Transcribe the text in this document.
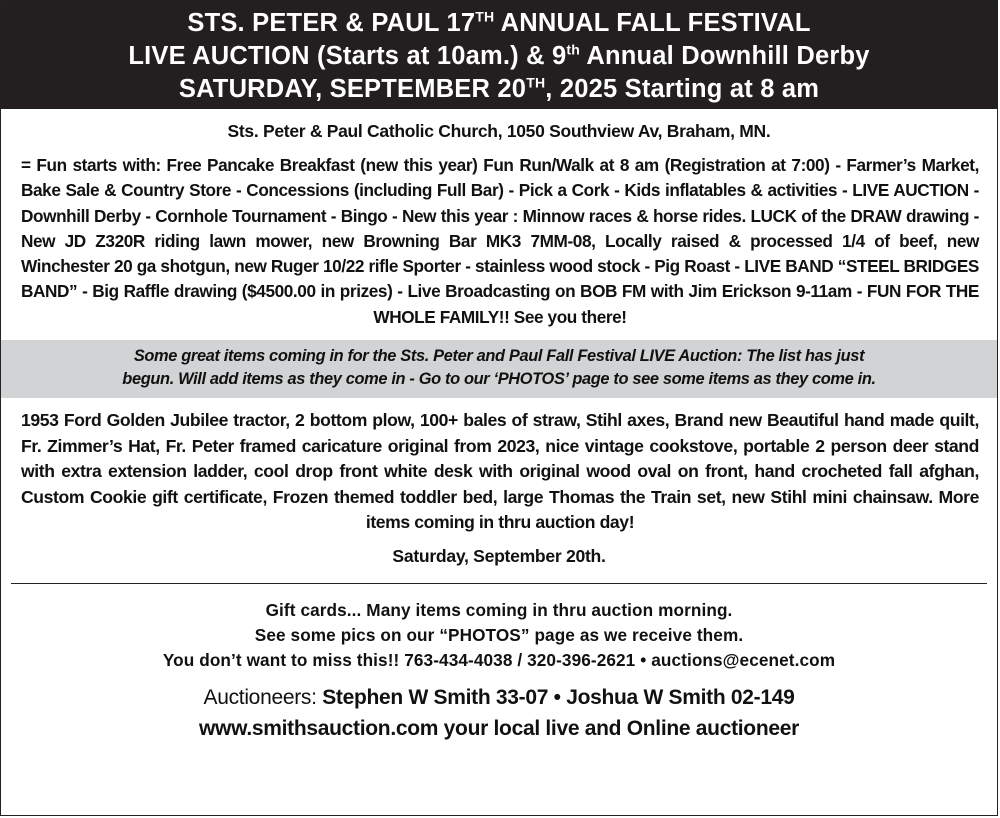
STS. PETER & PAUL 17TH ANNUAL FALL FESTIVAL
LIVE AUCTION (Starts at 10am.) & 9th Annual Downhill Derby
SATURDAY, SEPTEMBER 20TH, 2025 Starting at 8 am
Sts. Peter & Paul Catholic Church, 1050 Southview Av, Braham, MN.
= Fun starts with: Free Pancake Breakfast (new this year) Fun Run/Walk at 8 am (Registration at 7:00) - Farmer’s Market, Bake Sale & Country Store - Concessions (including Full Bar) - Pick a Cork - Kids inflatables & activities - LIVE AUCTION - Downhill Derby - Cornhole Tournament - Bingo - New this year : Minnow races & horse rides. LUCK of the DRAW drawing - New JD Z320R riding lawn mower, new Browning Bar MK3 7MM-08, Locally raised & processed 1/4 of beef, new Winchester 20 ga shotgun, new Ruger 10/22 rifle Sporter - stainless wood stock - Pig Roast - LIVE BAND “STEEL BRIDGES BAND” - Big Raffle drawing ($4500.00 in prizes) - Live Broadcasting on BOB FM with Jim Erickson 9-11am - FUN FOR THE WHOLE FAMILY!! See you there!
Some great items coming in for the Sts. Peter and Paul Fall Festival LIVE Auction: The list has just
begun. Will add items as they come in - Go to our ‘PHOTOS’ page to see some items as they come in.
1953 Ford Golden Jubilee tractor, 2 bottom plow, 100+ bales of straw, Stihl axes, Brand new Beautiful hand made quilt, Fr. Zimmer’s Hat, Fr. Peter framed caricature original from 2023, nice vintage cookstove, portable 2 person deer stand with extra extension ladder, cool drop front white desk with original wood oval on front, hand crocheted fall afghan, Custom Cookie gift certificate, Frozen themed toddler bed, large Thomas the Train set, new Stihl mini chainsaw. More items coming in thru auction day!
Saturday, September 20th.
Gift cards... Many items coming in thru auction morning.
See some pics on our “PHOTOS” page as we receive them.
You don’t want to miss this!! 763-434-4038 / 320-396-2621 • auctions@ecenet.com
Auctioneers: Stephen W Smith 33-07 • Joshua W Smith 02-149
www.smithsauction.com your local live and Online auctioneer
